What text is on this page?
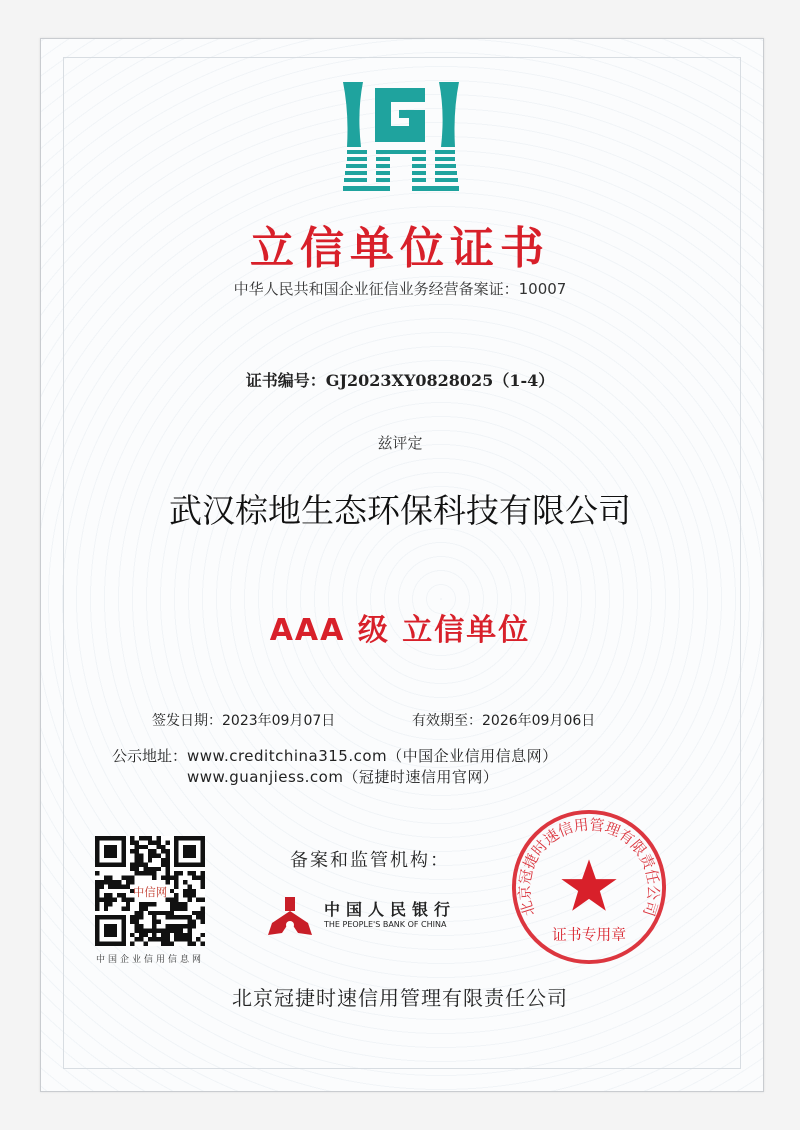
立信单位证书
中华人民共和国企业征信业务经营备案证：10007
证书编号：GJ2023XY0828025（1-4）
兹评定
武汉棕地生态环保科技有限公司
AAA 级 立信单位
签发日期：2023年09月07日	有效期至：2026年09月06日
公示地址： www.creditchina315.com（中国企业信用信息网）
www.guanjiess.com（冠捷时速信用官网）
中信网
中国企业信用信息网
备案和监管机构：
中国人民银行
THE PEOPLE'S BANK OF CHINA
北京冠捷时速信用管理有限责任公司
证书专用章
北京冠捷时速信用管理有限责任公司
